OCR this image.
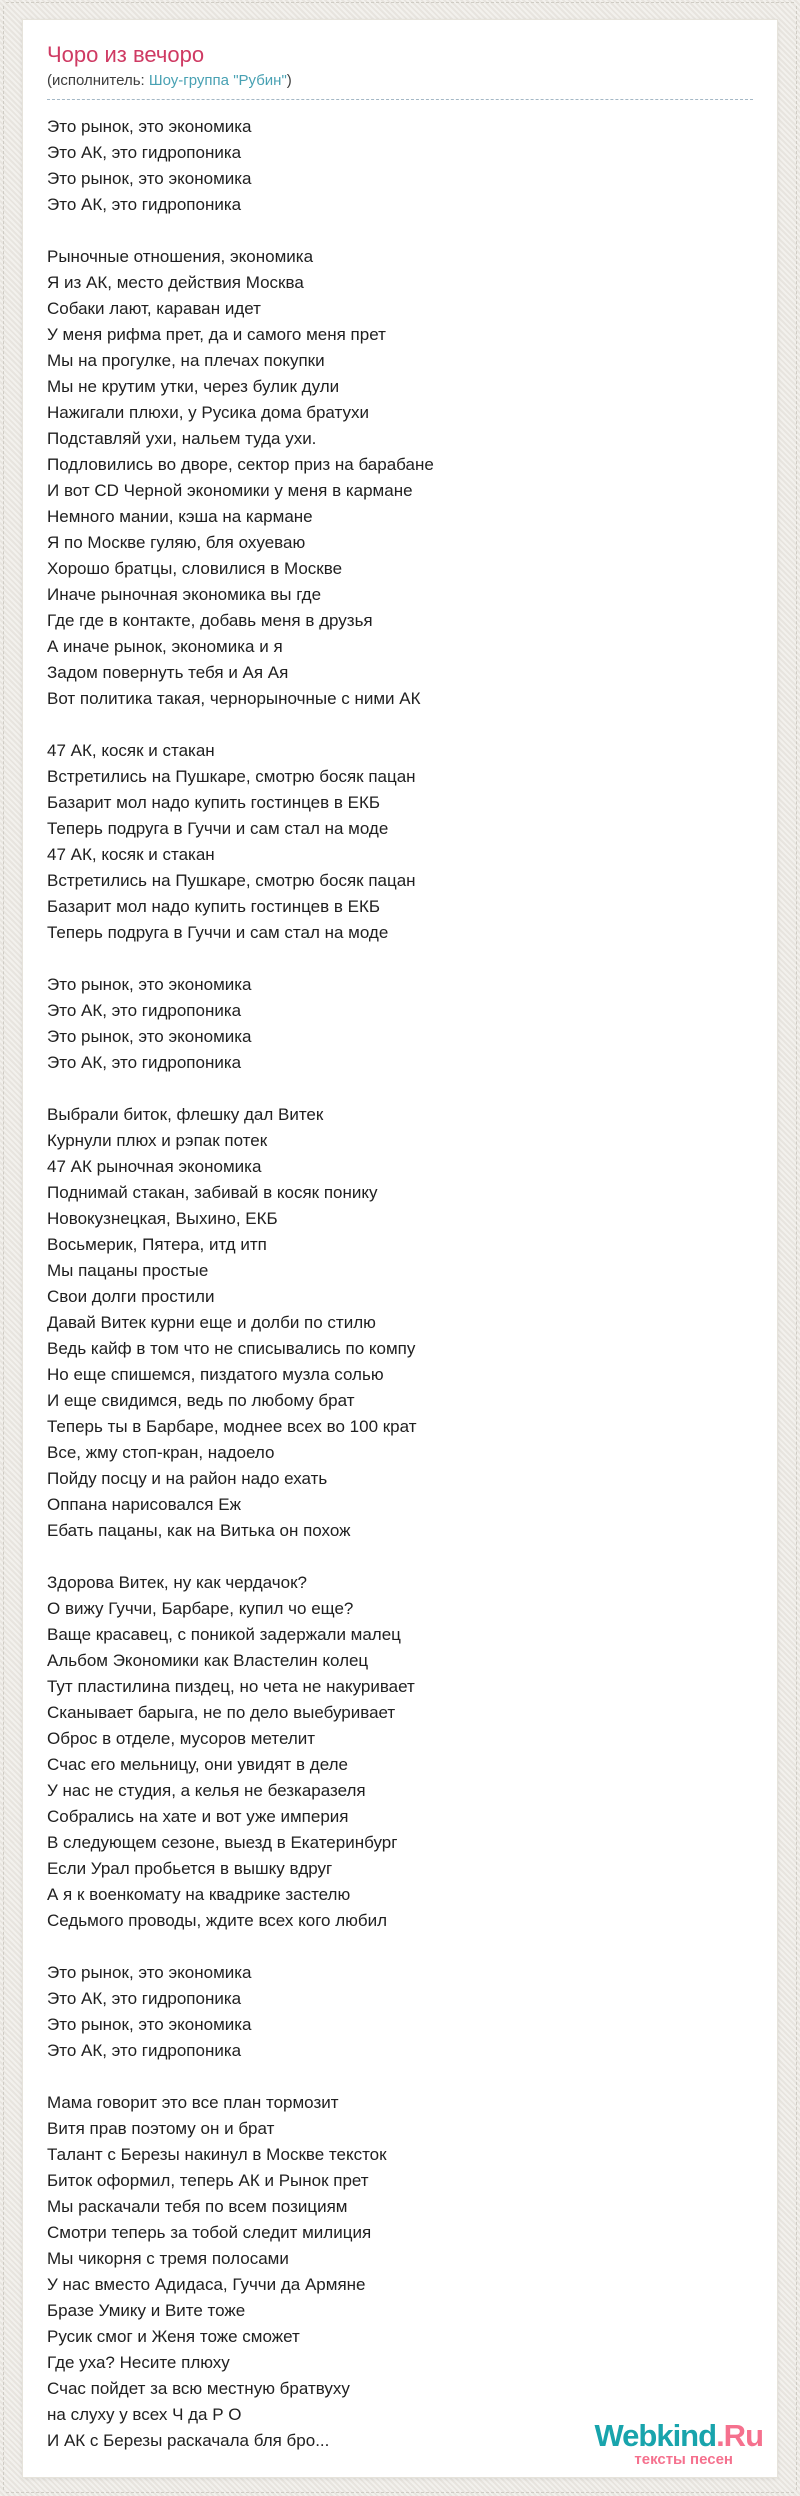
Чоро из вечоро
(исполнитель: Шоу-группа "Рубин")
Это рынок, это экономика
Это АК, это гидропоника
Это рынок, это экономика
Это АК, это гидропоника
Рыночные отношения, экономика
Я из АК, место действия Москва
Собаки лают, караван идет
У меня рифма прет, да и самого меня прет
Мы на прогулке, на плечах покупки
Мы не крутим утки, через булик дули
Нажигали плюхи, у Русика дома братухи
Подставляй ухи, нальем туда ухи.
Подловились во дворе, сектор приз на барабане
И вот CD Черной экономики у меня в кармане
Немного мании, кэша на кармане
Я по Москве гуляю, бля охуеваю
Хорошо братцы, словилися в Москве
Иначе рыночная экономика вы где
Где где в контакте, добавь меня в друзья
А иначе рынок, экономика и я
Задом повернуть тебя и Ая Ая
Вот политика такая, чернорыночные с ними АК
47 АК, косяк и стакан
Встретились на Пушкаре, смотрю босяк пацан
Базарит мол надо купить гостинцев в ЕКБ
Теперь подруга в Гуччи и сам стал на моде
47 АК, косяк и стакан
Встретились на Пушкаре, смотрю босяк пацан
Базарит мол надо купить гостинцев в ЕКБ
Теперь подруга в Гуччи и сам стал на моде
Это рынок, это экономика
Это АК, это гидропоника
Это рынок, это экономика
Это АК, это гидропоника
Выбрали биток, флешку дал Витек
Курнули плюх и рэпак потек
47 АК рыночная экономика
Поднимай стакан, забивай в косяк понику
Новокузнецкая, Выхино, ЕКБ
Восьмерик, Пятера, итд итп
Мы пацаны простые
Свои долги простили
Давай Витек курни еще и долби по стилю
Ведь кайф в том что не списывались по компу
Но еще спишемся, пиздатого музла солью
И еще свидимся, ведь по любому брат
Теперь ты в Барбаре, моднее всех во 100 крат
Все, жму стоп-кран, надоело
Пойду посцу и на район надо ехать
Оппана нарисовался Еж
Ебать пацаны, как на Витька он похож
Здорова Витек, ну как чердачок?
О вижу Гуччи, Барбаре, купил чо еще?
Ваще красавец, с поникой задержали малец
Альбом Экономики как Властелин колец
Тут пластилина пиздец, но чета не накуривает
Сканывает барыга, не по дело выебуривает
Оброс в отделе, мусоров метелит
Счас его мельницу, они увидят в деле
У нас не студия, а келья не безкаразеля
Собрались на хате и вот уже империя
В следующем сезоне, выезд в Екатеринбург
Если Урал пробьется в вышку вдруг
А я к военкомату на квадрике застелю
Седьмого проводы, ждите всех кого любил
Это рынок, это экономика
Это АК, это гидропоника
Это рынок, это экономика
Это АК, это гидропоника
Мама говорит это все план тормозит
Витя прав поэтому он и брат
Талант с Березы накинул в Москве тексток
Биток оформил, теперь АК и Рынок прет
Мы раскачали тебя по всем позициям
Смотри теперь за тобой следит милиция
Мы чикорня с тремя полосами
У нас вместо Адидаса, Гуччи да Армяне
Бразе Умику и Вите тоже
Русик смог и Женя тоже сможет
Где уха? Несите плюху
Счас пойдет за всю местную братвуху
на слуху у всех Ч да Р О
И АК с Березы раскачала бля бро...	Webkind.Ru
тексты песен
